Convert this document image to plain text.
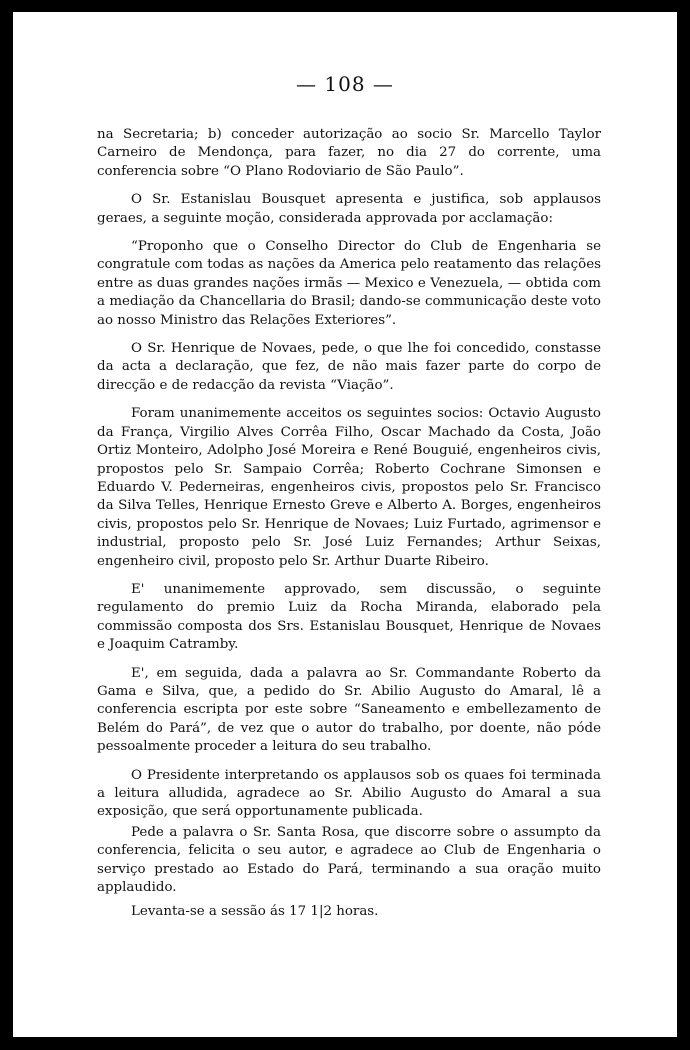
— 108 —

na Secretaria; b) conceder autorização ao socio Sr. Marcello Taylor Carneiro de Mendonça, para fazer, no dia 27 do corrente, uma conferencia sobre “O Plano Rodoviario de São Paulo”.

O Sr. Estanislau Bousquet apresenta e justifica, sob applausos geraes, a seguinte moção, considerada approvada por acclamação:

“Proponho que o Conselho Director do Club de Engenharia se congratule com todas as nações da America pelo reatamento das relações entre as duas grandes nações irmãs — Mexico e Venezuela, — obtida com a mediação da Chancellaria do Brasil; dando-se communicação deste voto ao nosso Ministro das Relações Exteriores”.

O Sr. Henrique de Novaes, pede, o que lhe foi concedido, constasse da acta a declaração, que fez, de não mais fazer parte do corpo de direcção e de redacção da revista “Viação”.

Foram unanimemente acceitos os seguintes socios: Octavio Augusto da França, Virgilio Alves Corrêa Filho, Oscar Machado da Costa, João Ortiz Monteiro, Adolpho José Moreira e René Bouguié, engenheiros civis, propostos pelo Sr. Sampaio Corrêa; Roberto Cochrane Simonsen e Eduardo V. Pederneiras, engenheiros civis, propostos pelo Sr. Francisco da Silva Telles, Henrique Ernesto Greve e Alberto A. Borges, engenheiros civis, propostos pelo Sr. Henrique de Novaes; Luiz Furtado, agrimensor e industrial, proposto pelo Sr. José Luiz Fernandes; Arthur Seixas, engenheiro civil, proposto pelo Sr. Arthur Duarte Ribeiro.

E' unanimemente approvado, sem discussão, o seguinte regulamento do premio Luiz da Rocha Miranda, elaborado pela commissão composta dos Srs. Estanislau Bousquet, Henrique de Novaes e Joaquim Catramby.

E', em seguida, dada a palavra ao Sr. Commandante Roberto da Gama e Silva, que, a pedido do Sr. Abilio Augusto do Amaral, lê a conferencia escripta por este sobre “Saneamento e embellezamento de Belém do Pará”, de vez que o autor do trabalho, por doente, não póde pessoalmente proceder a leitura do seu trabalho.

O Presidente interpretando os applausos sob os quaes foi terminada a leitura alludida, agradece ao Sr. Abilio Augusto do Amaral a sua exposição, que será opportunamente publicada.

Pede a palavra o Sr. Santa Rosa, que discorre sobre o assumpto da conferencia, felicita o seu autor, e agradece ao Club de Engenharia o serviço prestado ao Estado do Pará, terminando a sua oração muito applaudido.

Levanta-se a sessão ás 17 1|2 horas.
